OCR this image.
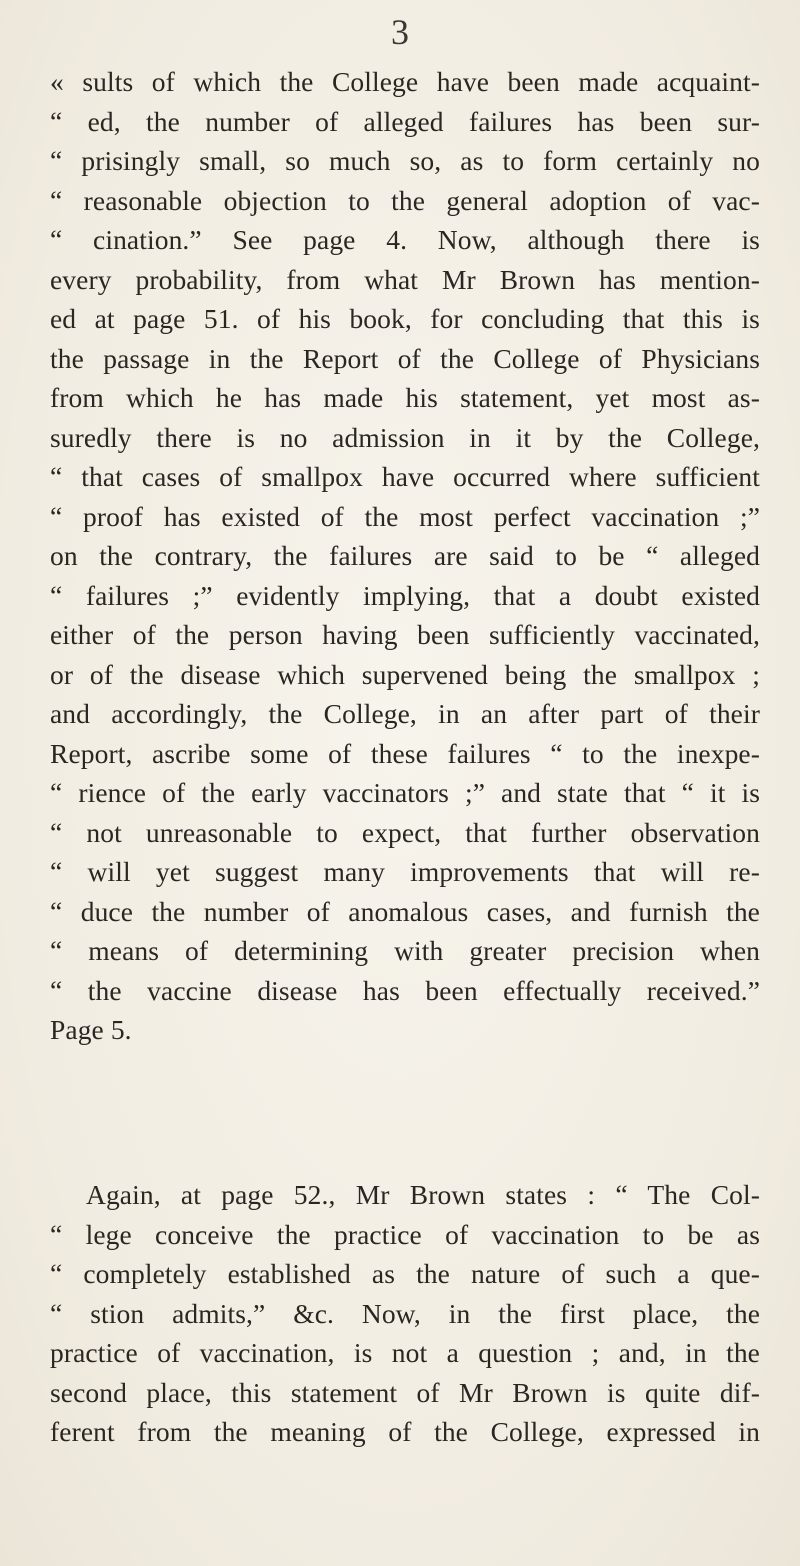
3
« sults of which the College have been made acquaint-
“ ed, the number of alleged failures has been sur-
“ prisingly small, so much so, as to form certainly no
“ reasonable objection to the general adoption of vac-
“ cination.” See page 4. Now, although there is
every probability, from what Mr Brown has mention-
ed at page 51. of his book, for concluding that this is
the passage in the Report of the College of Physicians
from which he has made his statement, yet most as-
suredly there is no admission in it by the College,
“ that cases of smallpox have occurred where sufficient
“ proof has existed of the most perfect vaccination ;”
on the contrary, the failures are said to be “ alleged
“ failures ;” evidently implying, that a doubt existed
either of the person having been sufficiently vaccinated,
or of the disease which supervened being the smallpox ;
and accordingly, the College, in an after part of their
Report, ascribe some of these failures “ to the inexpe-
“ rience of the early vaccinators ;” and state that “ it is
“ not unreasonable to expect, that further observation
“ will yet suggest many improvements that will re-
“ duce the number of anomalous cases, and furnish the
“ means of determining with greater precision when
“ the vaccine disease has been effectually received.”
Page 5.
Again, at page 52., Mr Brown states : “ The Col-
“ lege conceive the practice of vaccination to be as
“ completely established as the nature of such a que-
“ stion admits,” &c. Now, in the first place, the
practice of vaccination, is not a question ; and, in the
second place, this statement of Mr Brown is quite dif-
ferent from the meaning of the College, expressed in
